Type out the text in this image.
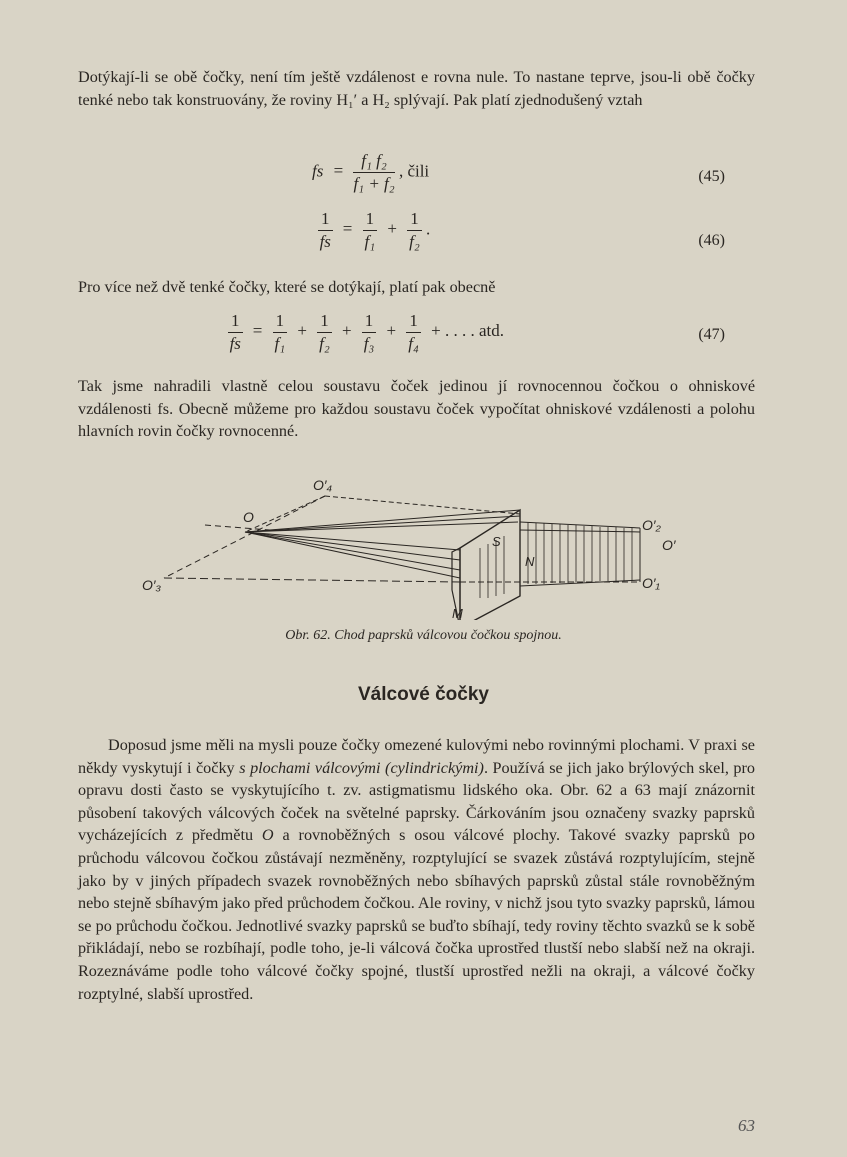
Dotýkají-li se obě čočky, není tím ještě vzdálenost e rovna nule. To nastane teprve, jsou-li obě čočky tenké nebo tak konstruovány, že roviny H₁′ a H₂ splývají. Pak platí zjednodušený vztah

fs = $\frac{\text{f₁ f₂}}{\text{f₁ + f₂}}$ , čili	(45)
$\frac{1}{fs} = \frac{1}{\text{f₁}} + \frac{1}{\text{f₂}}$ .
(46)

Pro více než dvě tenké čočky, které se dotýkají, platí pak obecně

$\frac{1}{fs} = \frac{1}{\text{f₁}} + \frac{1}{\text{f₂}} + \frac{1}{\text{f₃}} + \frac{1}{\text{f₄}}$ + . . . . atd.	(47)

Tak jsme nahradili vlastně celou soustavu čoček jedinou jí rovnocennou čočkou o ohniskové vzdálenosti fs. Obecně můžeme pro každou soustavu čoček vypočítat ohniskové vzdálenosti a polohu hlavních rovin čočky rovnocenné.

O′₄
O
O′₃
S
N
M
O′₂
O′
O′₁
Obr. 62. Chod paprsků válcovou čočkou spojnou.
Válcové čočky

Doposud jsme měli na mysli pouze čočky omezené kulovými nebo rovinnými plochami. V praxi se někdy vyskytují i čočky s plochami válcovými (cylindrickými). Používá se jich jako brýlových skel, pro opravu dosti často se vyskytujícího t. zv. astigmatismu lidského oka. Obr. 62 a 63 mají znázornit působení takových válcových čoček na světelné paprsky. Čárkováním jsou označeny svazky paprsků vycházejících z předmětu O a rovnoběžných s osou válcové plochy. Takové svazky paprsků po průchodu válcovou čočkou zůstávají nezměněny, rozptylující se svazek zůstává rozptylujícím, stejně jako by v jiných případech svazek rovnoběžných nebo sbíhavých paprsků zůstal stále rovnoběžným nebo stejně sbíhavým jako před průchodem čočkou. Ale roviny, v nichž jsou tyto svazky paprsků, lámou se po průchodu čočkou. Jednotlivé svazky paprsků se buďto sbíhají, tedy roviny těchto svazků se k sobě přikládají, nebo se rozbíhají, podle toho, je-li válcová čočka uprostřed tlustší nebo slabší než na okraji. Rozeznáváme podle toho válcové čočky spojné, tlustší uprostřed nežli na okraji, a válcové čočky rozptylné, slabší uprostřed.

63
